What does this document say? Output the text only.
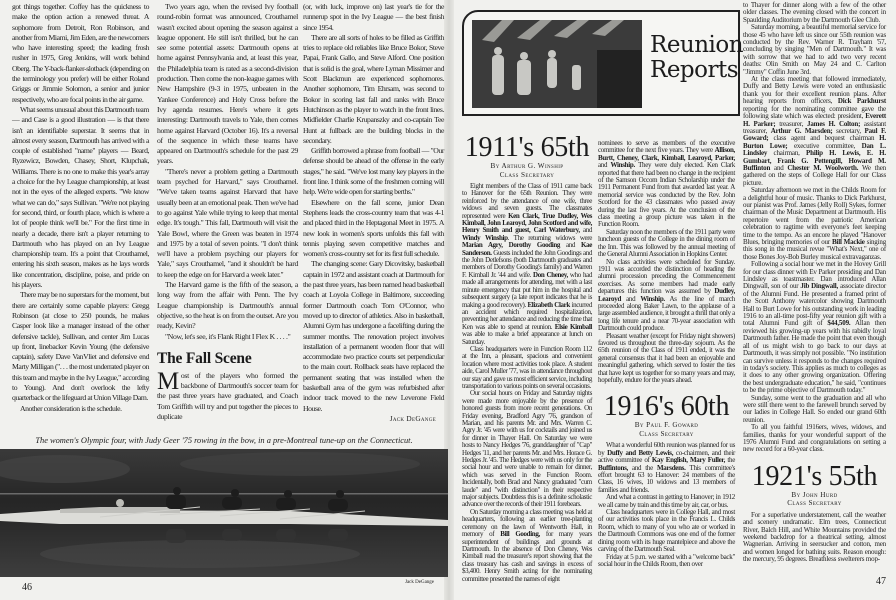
got things together. Coffey has the quickness to make the option action a renewed threat. A sophomore from Detroit, Ron Robinson, and another from Miami, Jim Eden, are the newcomers who have interesting speed; the leading frosh rusher in 1975, Greg Jenkins, will work behind Oberg. The Y-back-flanker-slotback (depending on the terminology you prefer) will be either Roland Griggs or Jimmie Solomon, a senior and junior respectively, who are focal points in the air game.

What seems unusual about this Dartmouth team — and Case is a good illustration — is that there isn't an identifiable superstar. It seems that in almost every season, Dartmouth has arrived with a couple of established "name" players — Beard, Ryzewicz, Bowden, Chasey, Short, Klupchak, Williams. There is no one to make this year's array a choice for the Ivy League championship, at least not in the eyes of the alleged experts. "We know what we can do," says Sullivan. "We're not playing for second, third, or fourth place, which is where a lot of people think we'll be." For the first time in nearly a decade, there isn't a player returning to Dartmouth who has played on an Ivy League championship team. It's a point that Crouthamel, entering his sixth season, makes as he lays words like concentration, discipline, poise, and pride on his players.

There may be no superstars for the moment, but there are certainly some capable players: Gregg Robinson (at close to 250 pounds, he makes Casper look like a manager instead of the other defensive tackle), Sullivan, and center Jim Lucas up front, linebacker Kevin Young (the defensive captain), safety Dave VanVliet and defensive end Marty Milligan (". . . the most underrated player on this team and maybe in the Ivy League," according to Young). And don't overlook the lefty quarterback or the lifeguard at Union Village Dam.

Another consideration is the schedule.

Two years ago, when the revised Ivy football round-robin format was announced, Crouthamel wasn't excited about opening the season against a league opponent. He still isn't thrilled, but he can see some potential assets: Dartmouth opens at home against Pennsylvania and, at least this year, the Philadelphia team is rated as a second-division production. Then come the non-league games with New Hampshire (9-3 in 1975, unbeaten in the Yankee Conference) and Holy Cross before the Ivy agenda resumes. Here's where it gets interesting: Dartmouth travels to Yale, then comes home against Harvard (October 16). It's a reversal of the sequence in which these teams have appeared on Dartmouth's schedule for the past 29 years.

"There's never a problem getting a Dartmouth team psyched for Harvard," says Crouthamel. "We've taken teams against Harvard that have usually been at an emotional peak. Then we've had to go against Yale while trying to keep that mental edge. It's tough." This fall, Dartmouth will visit the Yale Bowl, where the Green was beaten in 1974 and 1975 by a total of seven points. "I don't think we'll have a problem psyching our players for Yale," says Crouthamel, "and it shouldn't be hard to keep the edge on for Harvard a week later."

The Harvard game is the fifth of the season, a long way from the affair with Penn. The Ivy League championship is Dartmouth's annual objective, so the heat is on from the outset. Are you ready, Kevin?

"Now, let's see, it's Flank Right I Flex K . . . ."

The Fall Scene
M ost of the players who formed the backbone of Dartmouth's soccer team for the past three years have graduated, and Coach Tom Griffith will try and put together the pieces to duplicate

(or, with luck, improve on) last year's tie for the runnerup spot in the Ivy League — the best finish since 1954.

There are all sorts of holes to be filled as Griffith tries to replace old reliables like Bruce Bokor, Steve Papai, Frank Gallo, and Steve Alford. One position that is solid is the goal, where Lyman Missimer and Scott Blackmun are experienced sophomores. Another sophomore, Tim Ehrsam, was second to Bokor in scoring last fall and ranks with Bruce Hutchinson as the player to watch in the front lines. Midfielder Charlie Krupanszky and co-captain Tee Hunt at fullback are the building blocks in the secondary.

Griffith borrowed a phrase from football — "Our defense should be ahead of the offense in the early stages," he said. "We've lost many key players in the front line. I think some of the freshmen coming will help. We're wide open for starting berths."

Elsewhere on the fall scene, junior Dean Stephens leads the cross-country team that was 4-1 and placed third in the Heptagonal Meet in 1975. A new look in women's sports unfolds this fall with tennis playing seven competitive matches and women's cross-country set for its first full schedule.

The changing scene: Gary Dicovitsky, basketball captain in 1972 and assistant coach at Dartmouth for the past three years, has been named head basketball coach at Loyola College in Baltimore, succeeding former Dartmouth coach Tom O'Connor, who moved up to director of athletics. Also in basketball, Alumni Gym has undergone a facelifting during the summer months. The renovation project involves installation of a permanent wooden floor that will accommodate two practice courts set perpendicular to the main court. Rollback seats have replaced the permanent seating that was installed when the basketball area of the gym was refurbished after indoor track moved to the new Leverone Field House.

Jack DeGange
The women's Olympic four, with Judy Geer '75 rowing in the bow, in a pre-Montreal tune-up on the Connecticut.
Jack DeGange
46
Reunion
Reports
1911's 65th
By Arthur G. Winship
Class Secretary

Eight members of the Class of 1911 came back to Hanover for the 65th Reunion. They were reinforced by the attendance of one wife, three widows and seven guests. The classmates represented were Ken Clark, True Dudley, Wes Kimball, John Learoyd, John Scotford and wife, Henry Smith and guest, Carl Waterbury, and Windy Winship. The returning widows were Marian Agry, Dorothy Gooding and Kae Sanderson. Guests included the John Goodings and the John Detlefsons (both Dartmouth graduates and members of Dorothy Gooding's family) and Warren F. Kimball Jr. '44 and wife. Don Cheney, who had made all arrangements for attending, met with a last minute emergency that put him in the hospital and subsequent surgery (a late report indicates that he is making a good recovery). Elizabeth Clark incurred an accident which required hospitalization, preventing her attendance and reducing the time that Ken was able to spend at reunion. Elsie Kimball was able to make a brief appearance at lunch on Saturday.

Class headquarters were in Function Room 112 at the Inn, a pleasant, spacious and convenient location where most activities took place. A student aide, Carol Muller '77, was in attendance throughout our stay and gave us most efficient service, including transportation to various points on several occasions.

Our social hours on Friday and Saturday nights were made more enjoyable by the presence of honored guests from more recent generations. On Friday evening, Bradford Agry '76, grandson of Marian, and his parents Mr. and Mrs. Warren C. Agry Jr. '45 were with us for cocktails and joined us for dinner in Thayer Hall. On Saturday we were hosts to Nancy Hedges '76, granddaughter of "Cap" Hedges '11, and her parents Mr. and Mrs. Horace G. Hedges Jr. '45. The Hedges were with us only for the social hour and were unable to remain for dinner, which was served in the Function Room. Incidentally, both Brad and Nancy graduated "cum laude" and "with distinction" in their respective major subjects. Doubtless this is a definite scholastic advance over the records of their 1911 forebears.

On Saturday morning a class meeting was held at headquarters, following an earlier tree-planting ceremony on the lawn of Wentworth Hall, in memory of Bill Gooding, for many years superintendent of buildings and grounds at Dartmouth. In the absence of Don Cheney, Wes Kimball read the treasurer's report showing that the class treasury has cash and savings in excess of $3,400. Henry Smith acting for the nominating committee presented the names of eight

nominees to serve as members of the executive committee for the next five years. They were Allison, Burtt, Cheney, Clark, Kimball, Learoyd, Parker, and Winship. They were duly elected. Ken Clark reported that there had been no change in the recipient of the Samson Occom Indian Scholarship under the 1911 Permanent Fund from that awarded last year. A memorial service was conducted by the Rev. John Scotford for the 43 classmates who passed away during the last five years. At the conclusion of the class meeting a group picture was taken in the Function Room.

Saturday noon the members of the 1911 party were luncheon guests of the College in the dining room of the Inn. This was followed by the annual meeting of the General Alumni Association in Hopkins Center.

No class activities were scheduled for Sunday. 1911 was accorded the distinction of heading the alumni procession preceding the Commencement exercises. As some members had made early departures this function was assumed by Dudley, Learoyd and Winship. As the line of march proceeded along Baker Lawn, to the applause of a large assembled audience, it brought a thrill that only a long life tenure and a near 70-year association with Dartmouth could produce.

Pleasant weather (except for Friday night showers) favored us throughout the three-day sojourn. As the 65th reunion of the Class of 1911 ended, it was the general consensus that it had been an enjoyable and meaningful gathering, which served to foster the ties that have kept us together for so many years and may, hopefully, endure for the years ahead.

1916's 60th
By Paul F. Goward
Class Secretary

What a wonderful 60th reunion was planned for us by Duffy and Betty Lewis, co-chairmen, and their active committee of Kay English, Mary Fuller, the Buffintons, and the Marsdens. This committee's effort brought 63 to Hanover: 24 members of the Class, 16 wives, 10 widows and 13 members of families and friends.

And what a contrast in getting to Hanover; in 1912 we all came by train and this time by air, car, or bus.

Class headquarters were in College Hall, and most of our activities took place in the Francis L. Childs Room, which to many of you who ate or worked in the Dartmouth Commons was one end of the former dining room with its huge mantelpiece and above the carving of the Dartmouth Seal.

Friday at 5 p.m. we started with a "welcome back" social hour in the Childs Room, then over

to Thayer for dinner along with a few of the other older classes. The evening closed with the concert in Spaulding Auditorium by the Dartmouth Glee Club.

Saturday morning, a beautiful memorial service for those 45 who have left us since our 55th reunion was conducted by the Rev. Warner R. Trayham '57, concluding by singing "Men of Dartmouth." It was with sorrow that we had to add two very recent deaths: Olin Smith on May 24 and C. Carlton "Jimmy" Coffin June 3rd.

At the class meeting that followed immediately, Duffy and Betty Lewis were voted an enthusiastic thank you for their excellent reunion plans. After hearing reports from officers, Dick Parkhurst reporting for the nominating committee gave the following slate which was elected: president, Everett H. Parker; treasurer, James H. Colton; assistant treasurer, Arthur G. Marsden; secretary, Paul F. Goward; class agent and bequest chairman H. Burton Lowe; executive committee, Dan L. Lindsley chairman, Philip H. Lewis, E. H. Gumbart, Frank G. Pettengill, Howard M. Buffinton and Chester M. Woolworth. We then gathered on the steps of College Hall for our Class picture.

Saturday afternoon we met in the Childs Room for a delightful hour of music. Thanks to Dick Parkhurst, our pianist was Prof. James (Jelly Roll) Sykes, former chairman of the Music Department at Dartmouth. His repertoire went from the patriotic American celebration to ragtime with everyone's feet keeping time to the tempo. As an encore he played "Hanover Blues, bringing memories of our Bill Mackie singing this song in the musical revue "What's Next," one of those Bones Joy-Bob Burley musical extravaganzas.

Following a social hour we met in the Hovey Grill for our class dinner with Ev Parker presiding and Dan Lindsley as toastmaster. Dan introduced Allan Dingwall, son of our Jib Dingwall, associate director of the Alumni Fund. He presented a framed print of the Scott Anthony watercolor showing Dartmouth Hall to Burt Lowe for his outstanding work in leading 1916 to an all-time post-fifty year reunion gift with a total Alumni Fund gift of $44,509. Allan then reviewed his growing-up years with his rabidly loyal Dartmouth father. He made the point that even though all of us might wish to go back to our days at Dartmouth, it was simply not possible. "No institution can survive unless it responds to the changes required in today's society. This applies as much to colleges as it does to any other growing organization. Offering the best undergraduate education," he said, "continues to be the prime objective of Dartmouth today."

Sunday, some went to the graduation and all who were still there went to the farewell brunch served by our ladies in College Hall. So ended our grand 60th reunion.

To all you faithful 1916ers, wives, widows, and families, thanks for your wonderful support of the 1976 Alumni Fund and congratulations on setting a new record for a 60-year class.

1921's 55th
By John Hurd
Class Secretary

For a superlative understatement, call the weather and scenery undramatic. Elm trees, Connecticut River, Balch Hill, and White Mountains provided the weekend backdrop for a theatrical setting, almost Wagnerian. Arriving in seersucker and cotton, men and women longed for bathing suits. Reason enough: the mercury, 95 degrees. Breathless swelterers mop-

47
